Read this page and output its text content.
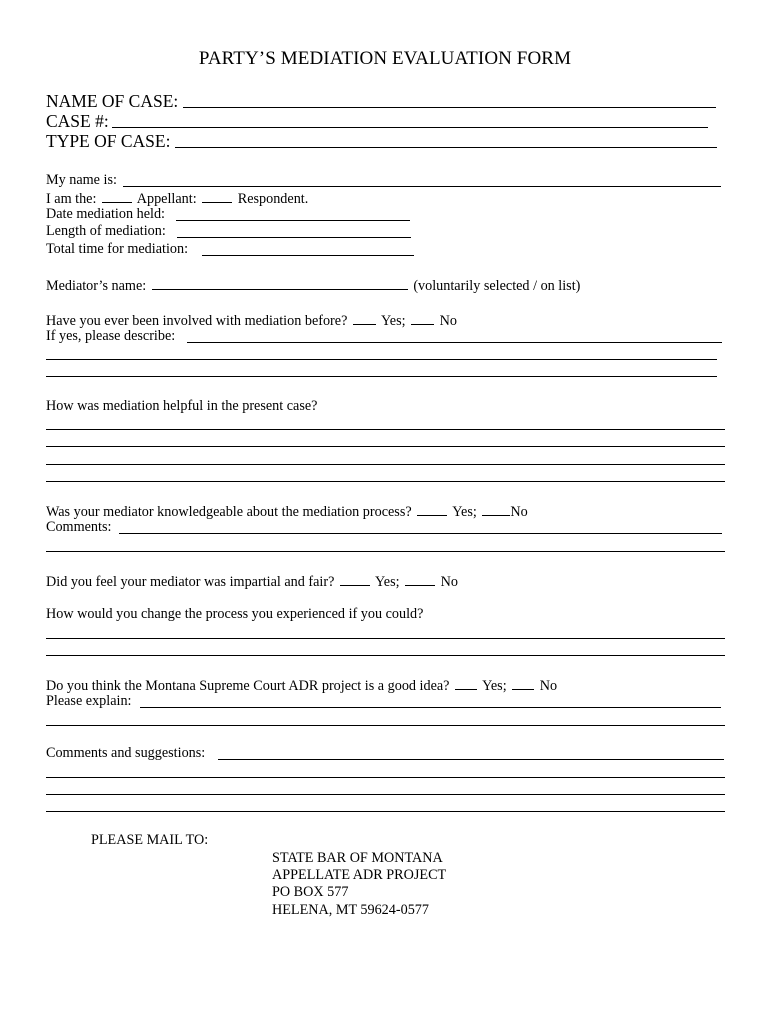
PARTY’S MEDIATION EVALUATION FORM
NAME OF CASE:
CASE #:
TYPE OF CASE:
My name is:
I am the:	Appellant:	Respondent.
Date mediation held:
Length of mediation:
Total time for mediation:
Mediator’s name:	(voluntarily selected / on list)
Have you ever been involved with mediation before? Yes; No
If yes, please describe:
How was mediation helpful in the present case?
Was your mediator knowledgeable about the mediation process?	Yes; No
Comments:
Did you feel your mediator was impartial and fair?	Yes;	No
How would you change the process you experienced if you could?
Do you think the Montana Supreme Court ADR project is a good idea? Yes; No
Please explain:
Comments and suggestions:
PLEASE MAIL TO:
STATE BAR OF MONTANA
APPELLATE ADR PROJECT
PO BOX 577
HELENA, MT 59624-0577
